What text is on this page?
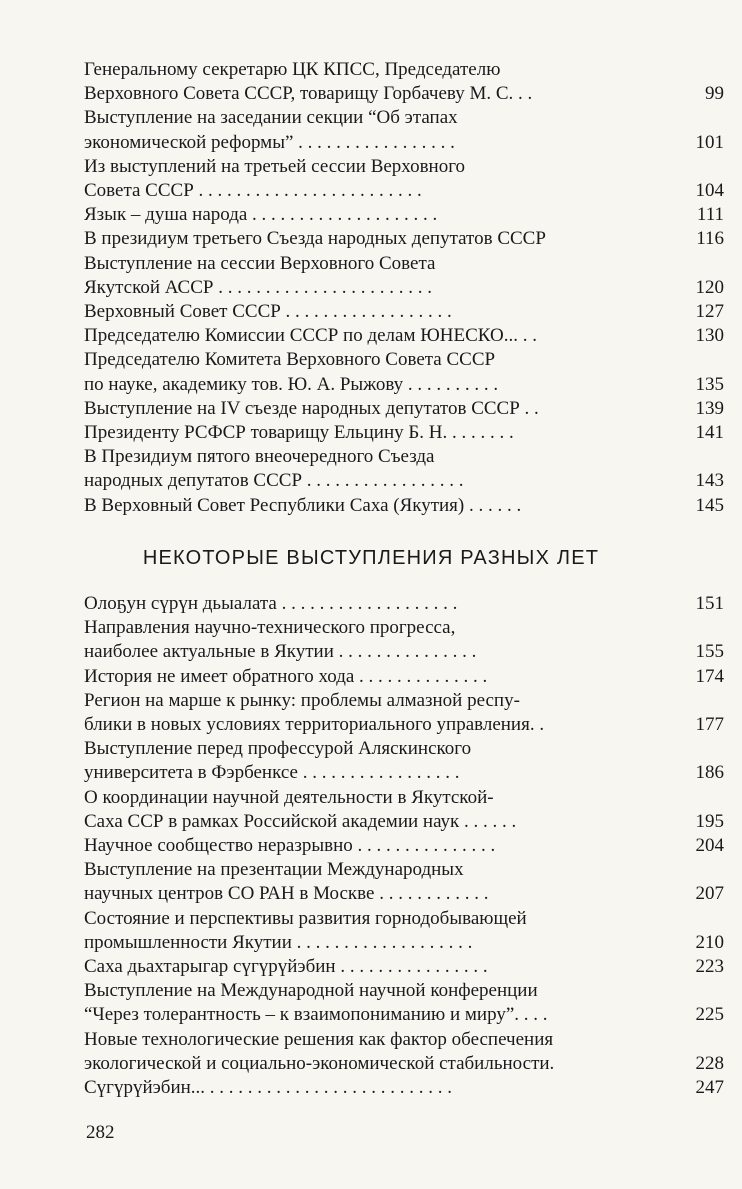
Генеральному секретарю ЦК КПСС, Председателю
Верховного Совета СССР, товарищу Горбачеву М. С. . .	99
Выступление на заседании секции “Об этапах
экономической реформы” . . . . . . . . . . . . . . . . .	101
Из выступлений на третьей сессии Верховного
Совета СССР . . . . . . . . . . . . . . . . . . . . . . . .	104
Язык – душа народа . . . . . . . . . . . . . . . . . . . .	111
В президиум третьего Съезда народных депутатов СССР	116
Выступление на сессии Верховного Совета
Якутской АССР . . . . . . . . . . . . . . . . . . . . . . .	120
Верховный Совет СССР . . . . . . . . . . . . . . . . . .	127
Председателю Комиссии СССР по делам ЮНЕСКО... . .	130
Председателю Комитета Верховного Совета СССР
по науке, академику тов. Ю. А. Рыжову . . . . . . . . . .	135
Выступление на IV съезде народных депутатов СССР . .	139
Президенту РСФСР товарищу Ельцину Б. Н. . . . . . . .	141
В Президиум пятого внеочередного Съезда
народных депутатов СССР . . . . . . . . . . . . . . . . .	143
В Верховный Совет Республики Саха (Якутия) . . . . . .	145
НЕКОТОРЫЕ ВЫСТУПЛЕНИЯ РАЗНЫХ ЛЕТ
Олоҕун сүрүн дьыалата . . . . . . . . . . . . . . . . . . .	151
Направления научно-технического прогресса,
наиболее актуальные в Якутии . . . . . . . . . . . . . . .	155
История не имеет обратного хода . . . . . . . . . . . . . .	174
Регион на марше к рынку: проблемы алмазной респу-
блики в новых условиях территориального управления. .	177
Выступление перед профессурой Аляскинского
университета в Фэрбенксе . . . . . . . . . . . . . . . . .	186
О координации научной деятельности в Якутской-
Саха ССР в рамках Российской академии наук . . . . . .	195
Научное сообщество неразрывно . . . . . . . . . . . . . . .	204
Выступление на презентации Международных
научных центров СО РАН в Москве . . . . . . . . . . . .	207
Состояние и перспективы развития горнодобывающей
промышленности Якутии . . . . . . . . . . . . . . . . . . .	210
Саха дьахтарыгар сүгүрүйэбин . . . . . . . . . . . . . . . .	223
Выступление на Международной научной конференции
“Через толерантность – к взаимопониманию и миру”. . . .	225
Новые технологические решения как фактор обеспечения
экологической и социально-экономической стабильности.	228
Сүгүрүйэбин... . . . . . . . . . . . . . . . . . . . . . . . . . .	247
282
